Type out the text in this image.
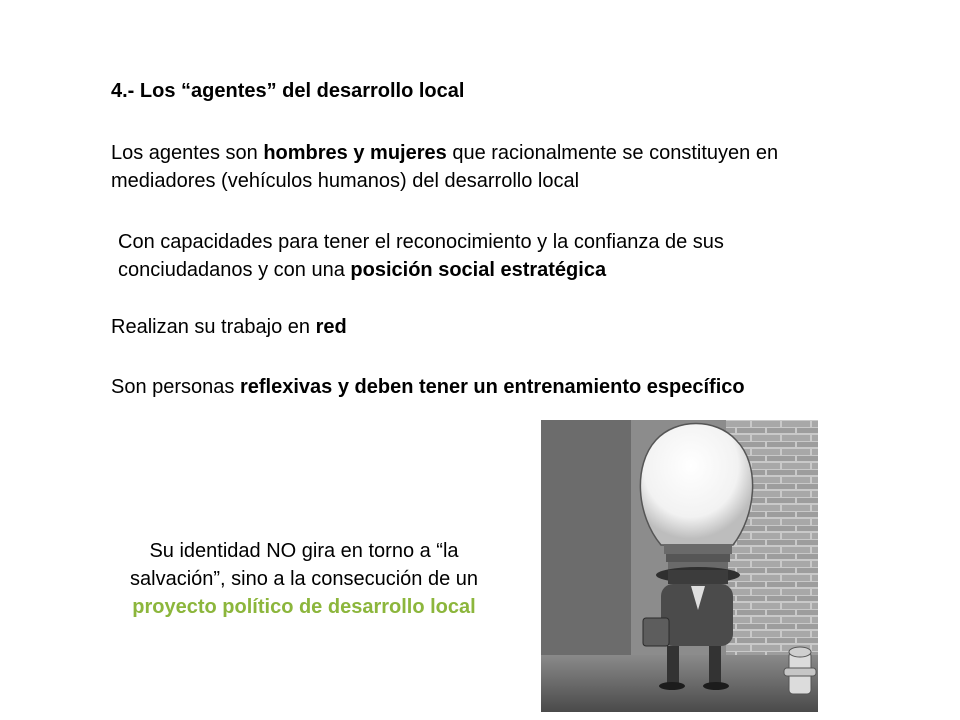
4.- Los “agentes” del desarrollo local

Los agentes son hombres y mujeres que racionalmente se constituyen en mediadores (vehículos humanos) del desarrollo local

Con capacidades para tener el reconocimiento y la confianza de sus conciudadanos y con una posición social estratégica

Realizan su trabajo en red

Son personas reflexivas y deben tener un entrenamiento específico

Su identidad NO gira en torno a “la salvación”, sino a la consecución de un proyecto político de desarrollo local
